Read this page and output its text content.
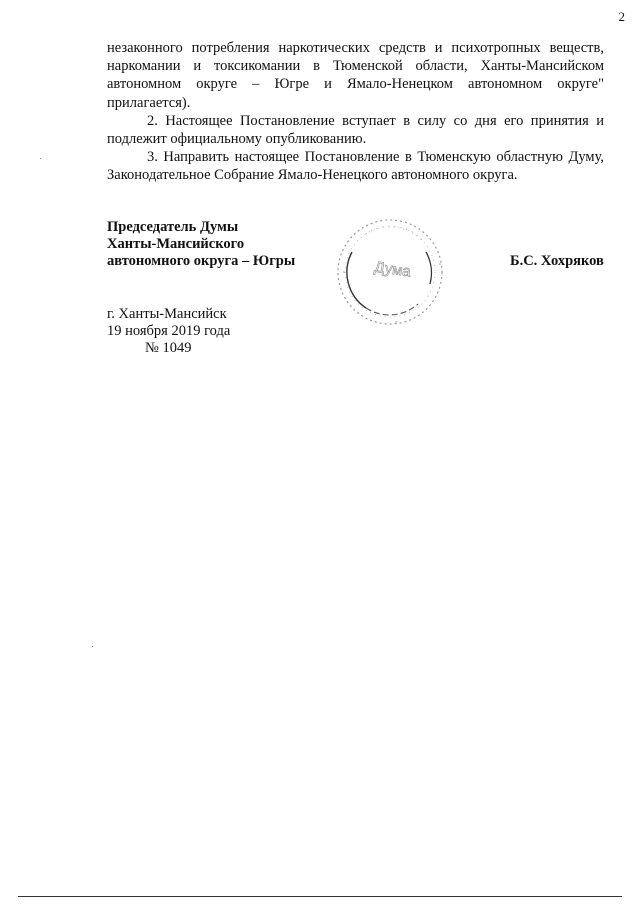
2
незаконного потребления наркотических средств и психотропных веществ, наркомании и токсикомании в Тюменской области, Ханты-Мансийском автономном округе – Югре и Ямало-Ненецком автономном округе" прилагается).
2. Настоящее Постановление вступает в силу со дня его принятия и подлежит официальному опубликованию.
3. Направить настоящее Постановление в Тюменскую областную Думу, Законодательное Собрание Ямало-Ненецкого автономного округа.
Председатель Думы
Ханты-Мансийского
автономного округа – Югры	Дума	Б.С. Хохряков
г. Ханты-Мансийск
19 ноября 2019 года
№ 1049
